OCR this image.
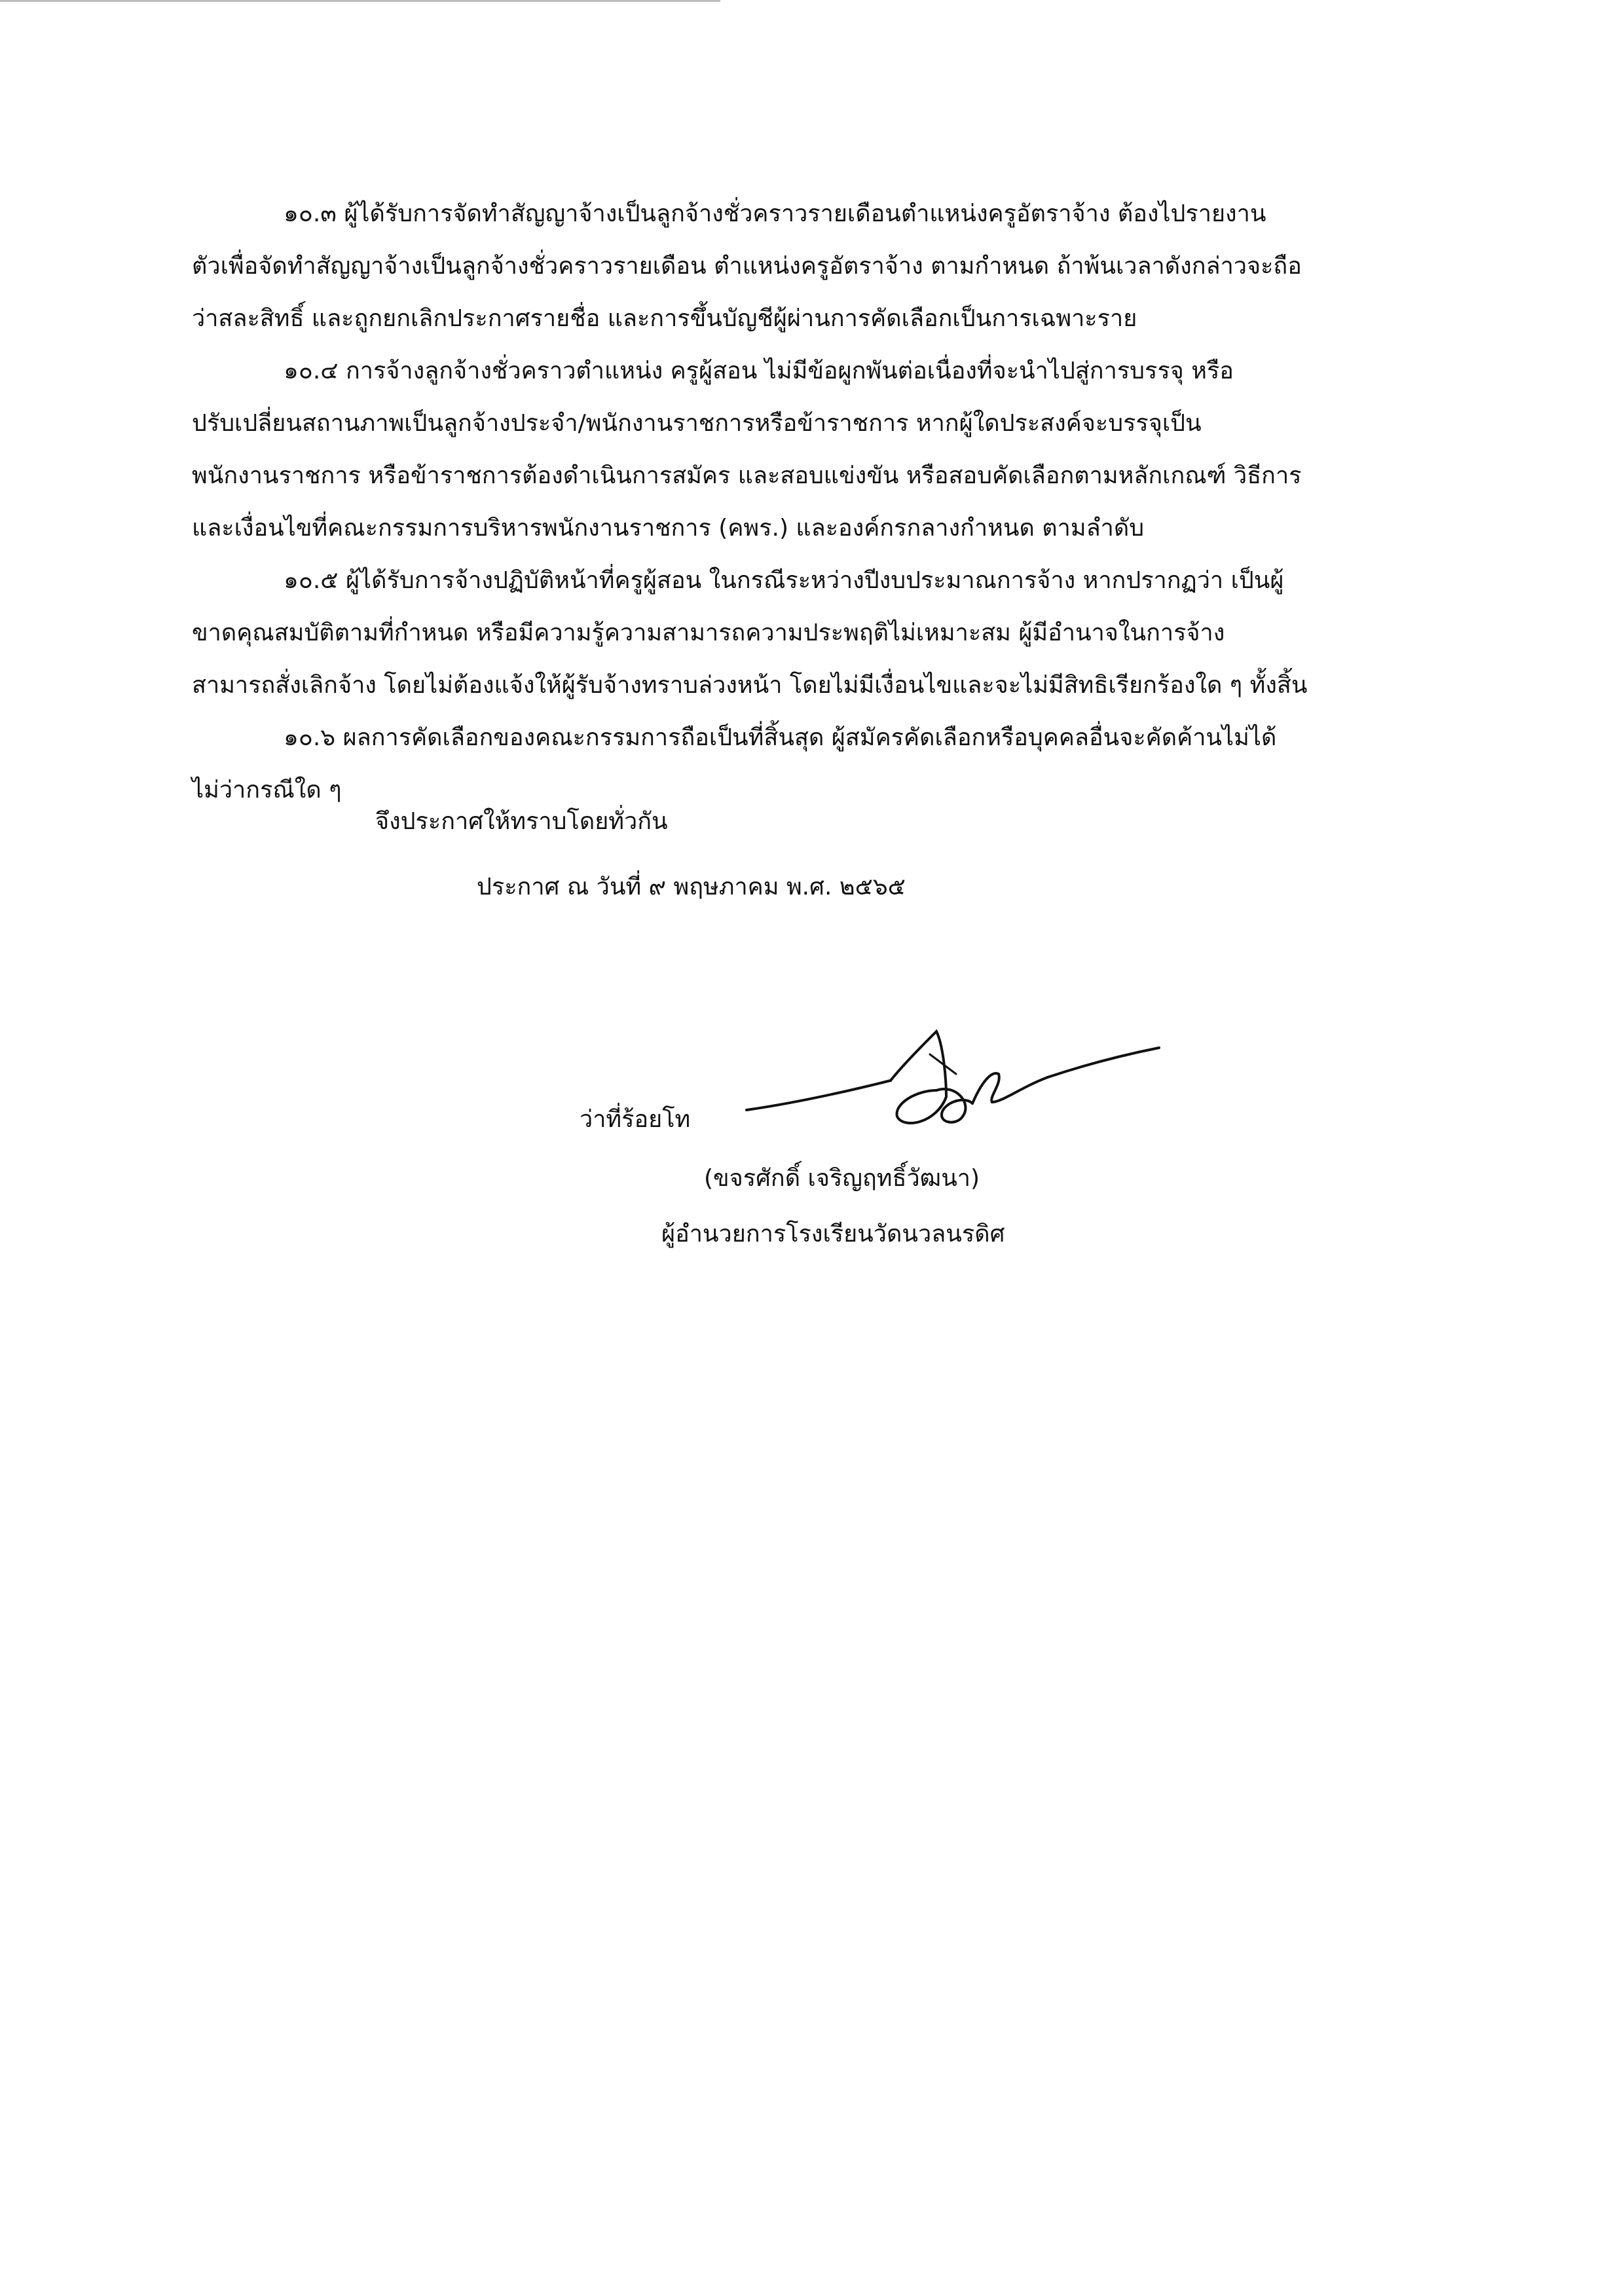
๑๐.๓ ผู้ได้รับการจัดทำสัญญาจ้างเป็นลูกจ้างชั่วคราวรายเดือนตำแหน่งครูอัตราจ้าง ต้องไปรายงาน
ตัวเพื่อจัดทำสัญญาจ้างเป็นลูกจ้างชั่วคราวรายเดือน ตำแหน่งครูอัตราจ้าง ตามกำหนด ถ้าพ้นเวลาดังกล่าวจะถือ
ว่าสละสิทธิ์ และถูกยกเลิกประกาศรายชื่อ และการขึ้นบัญชีผู้ผ่านการคัดเลือกเป็นการเฉพาะราย
๑๐.๔ การจ้างลูกจ้างชั่วคราวตำแหน่ง ครูผู้สอน ไม่มีข้อผูกพันต่อเนื่องที่จะนำไปสู่การบรรจุ หรือ
ปรับเปลี่ยนสถานภาพเป็นลูกจ้างประจำ/พนักงานราชการหรือข้าราชการ หากผู้ใดประสงค์จะบรรจุเป็น
พนักงานราชการ หรือข้าราชการต้องดำเนินการสมัคร และสอบแข่งขัน หรือสอบคัดเลือกตามหลักเกณฑ์ วิธีการ
และเงื่อนไขที่คณะกรรมการบริหารพนักงานราชการ (คพร.) และองค์กรกลางกำหนด ตามลำดับ
๑๐.๕ ผู้ได้รับการจ้างปฏิบัติหน้าที่ครูผู้สอน ในกรณีระหว่างปีงบประมาณการจ้าง หากปรากฏว่า เป็นผู้
ขาดคุณสมบัติตามที่กำหนด หรือมีความรู้ความสามารถความประพฤติไม่เหมาะสม ผู้มีอำนาจในการจ้าง
สามารถสั่งเลิกจ้าง โดยไม่ต้องแจ้งให้ผู้รับจ้างทราบล่วงหน้า โดยไม่มีเงื่อนไขและจะไม่มีสิทธิเรียกร้องใด ๆ ทั้งสิ้น
๑๐.๖ ผลการคัดเลือกของคณะกรรมการถือเป็นที่สิ้นสุด ผู้สมัครคัดเลือกหรือบุคคลอื่นจะคัดค้านไม่ได้
ไม่ว่ากรณีใด ๆ
จึงประกาศให้ทราบโดยทั่วกัน
ประกาศ ณ วันที่ ๙ พฤษภาคม พ.ศ. ๒๕๖๕
ว่าที่ร้อยโท
(ขจรศักดิ์ เจริญฤทธิ์วัฒนา)
ผู้อำนวยการโรงเรียนวัดนวลนรดิศ
